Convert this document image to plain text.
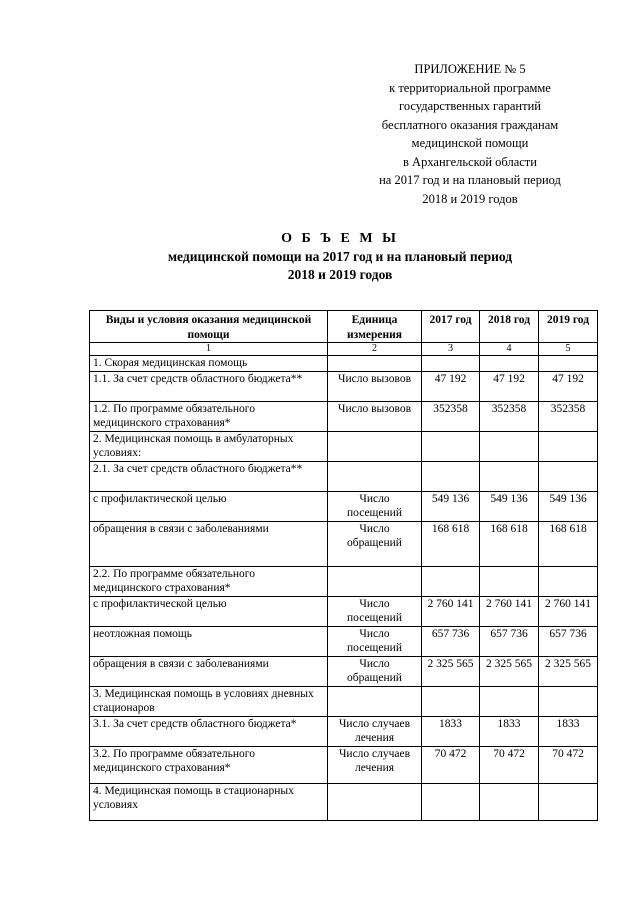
ПРИЛОЖЕНИЕ № 5
к территориальной программе
государственных гарантий
бесплатного оказания гражданам
медицинской помощи
в Архангельской области
на 2017 год и на плановый период
2018 и 2019 годов
О Б Ъ Е М Ы
медицинской помощи на 2017 год и на плановый период
2018 и 2019 годов
Виды и условия оказания медицинской помощи	Единица измерения	2017 год	2018 год	2019 год
1	2	3	4	5
1. Скорая медицинская помощь				
1.1. За счет средств областного бюджета**	Число вызовов	47 192	47 192	47 192
1.2. По программе обязательного медицинского страхования*	Число вызовов	352358	352358	352358
2. Медицинская помощь в амбулаторных условиях:				
2.1. За счет средств областного бюджета**				
с профилактической целью	Число посещений	549 136	549 136	549 136
обращения в связи с заболеваниями	Число обращений	168 618	168 618	168 618
2.2. По программе обязательного медицинского страхования*				
с профилактической целью	Число посещений	2 760 141	2 760 141	2 760 141
неотложная помощь	Число посещений	657 736	657 736	657 736
обращения в связи с заболеваниями	Число обращений	2 325 565	2 325 565	2 325 565
3. Медицинская помощь в условиях дневных стационаров				
3.1. За счет средств областного бюджета*	Число случаев лечения	1833	1833	1833
3.2. По программе обязательного медицинского страхования*	Число случаев лечения	70 472	70 472	70 472
4. Медицинская помощь в стационарных условиях				
